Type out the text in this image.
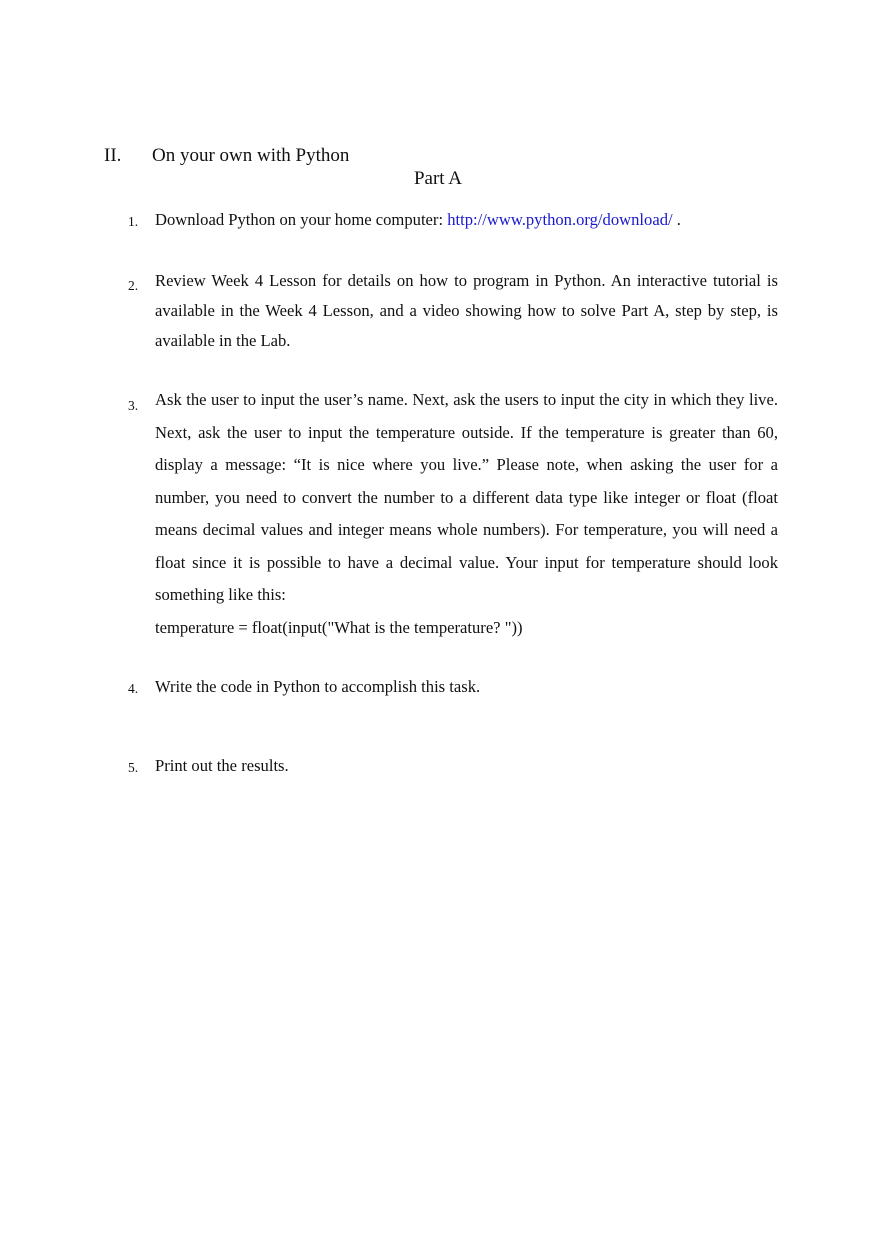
II. On your own with Python
Part A
1. Download Python on your home computer: http://www.python.org/download/ .

2. Review Week 4 Lesson for details on how to program in Python. An interactive tutorial is available in the Week 4 Lesson, and a video showing how to solve Part A, step by step, is available in the Lab.

3. Ask the user to input the user’s name. Next, ask the users to input the city in which they live. Next, ask the user to input the temperature outside. If the temperature is greater than 60, display a message: “It is nice where you live.” Please note, when asking the user for a number, you need to convert the number to a different data type like integer or float (float means decimal values and integer means whole numbers). For temperature, you will need a float since it is possible to have a decimal value. Your input for temperature should look something like this:

temperature = float(input("What is the temperature? "))

4. Write the code in Python to accomplish this task.

5. Print out the results.
